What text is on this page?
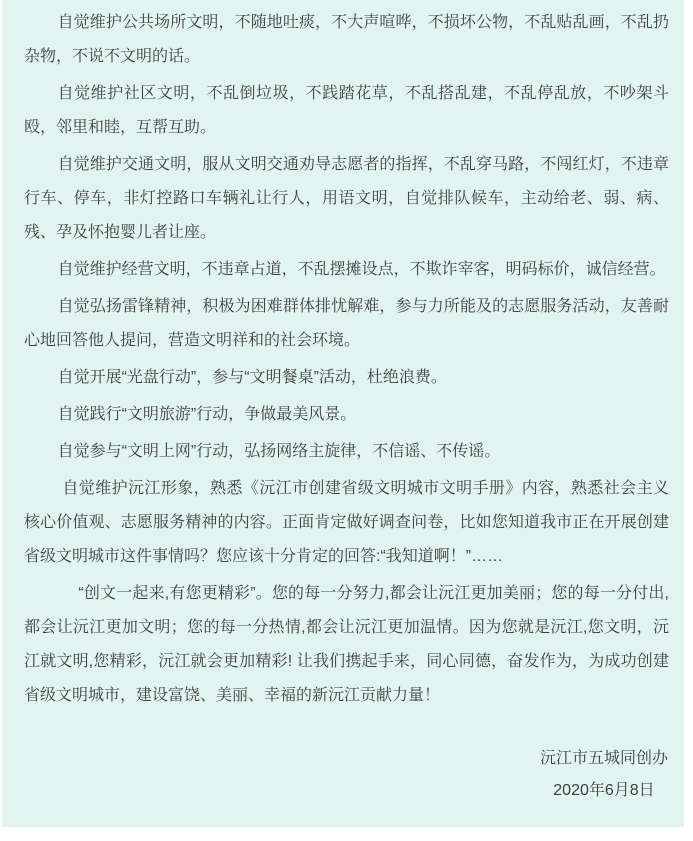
自觉维护公共场所文明，不随地吐痰，不大声喧哗，不损坏公物，不乱贴乱画，不乱扔杂物，不说不文明的话。

自觉维护社区文明，不乱倒垃圾，不践踏花草，不乱搭乱建，不乱停乱放，不吵架斗殴，邻里和睦，互帮互助。

自觉维护交通文明，服从文明交通劝导志愿者的指挥，不乱穿马路，不闯红灯，不违章行车、停车，非灯控路口车辆礼让行人，用语文明，自觉排队候车，主动给老、弱、病、残、孕及怀抱婴儿者让座。

自觉维护经营文明，不违章占道，不乱摆摊设点，不欺诈宰客，明码标价，诚信经营。

自觉弘扬雷锋精神，积极为困难群体排忧解难，参与力所能及的志愿服务活动，友善耐心地回答他人提问，营造文明祥和的社会环境。

自觉开展“光盘行动”，参与“文明餐桌”活动，杜绝浪费。

自觉践行“文明旅游”行动，争做最美风景。

自觉参与“文明上网”行动，弘扬网络主旋律，不信谣、不传谣。

自觉维护沅江形象，熟悉《沅江市创建省级文明城市文明手册》内容，熟悉社会主义核心价值观、志愿服务精神的内容。正面肯定做好调查问卷，比如您知道我市正在开展创建省级文明城市这件事情吗？您应该十分肯定的回答:“我知道啊！”……

“创文一起来,有您更精彩”。您的每一分努力,都会让沅江更加美丽；您的每一分付出,都会让沅江更加文明；您的每一分热情,都会让沅江更加温情。因为您就是沅江,您文明，沅江就文明,您精彩，沅江就会更加精彩! 让我们携起手来，同心同德，奋发作为，为成功创建省级文明城市，建设富饶、美丽、幸福的新沅江贡献力量！

沅江市五城同创办
2020年6月8日
